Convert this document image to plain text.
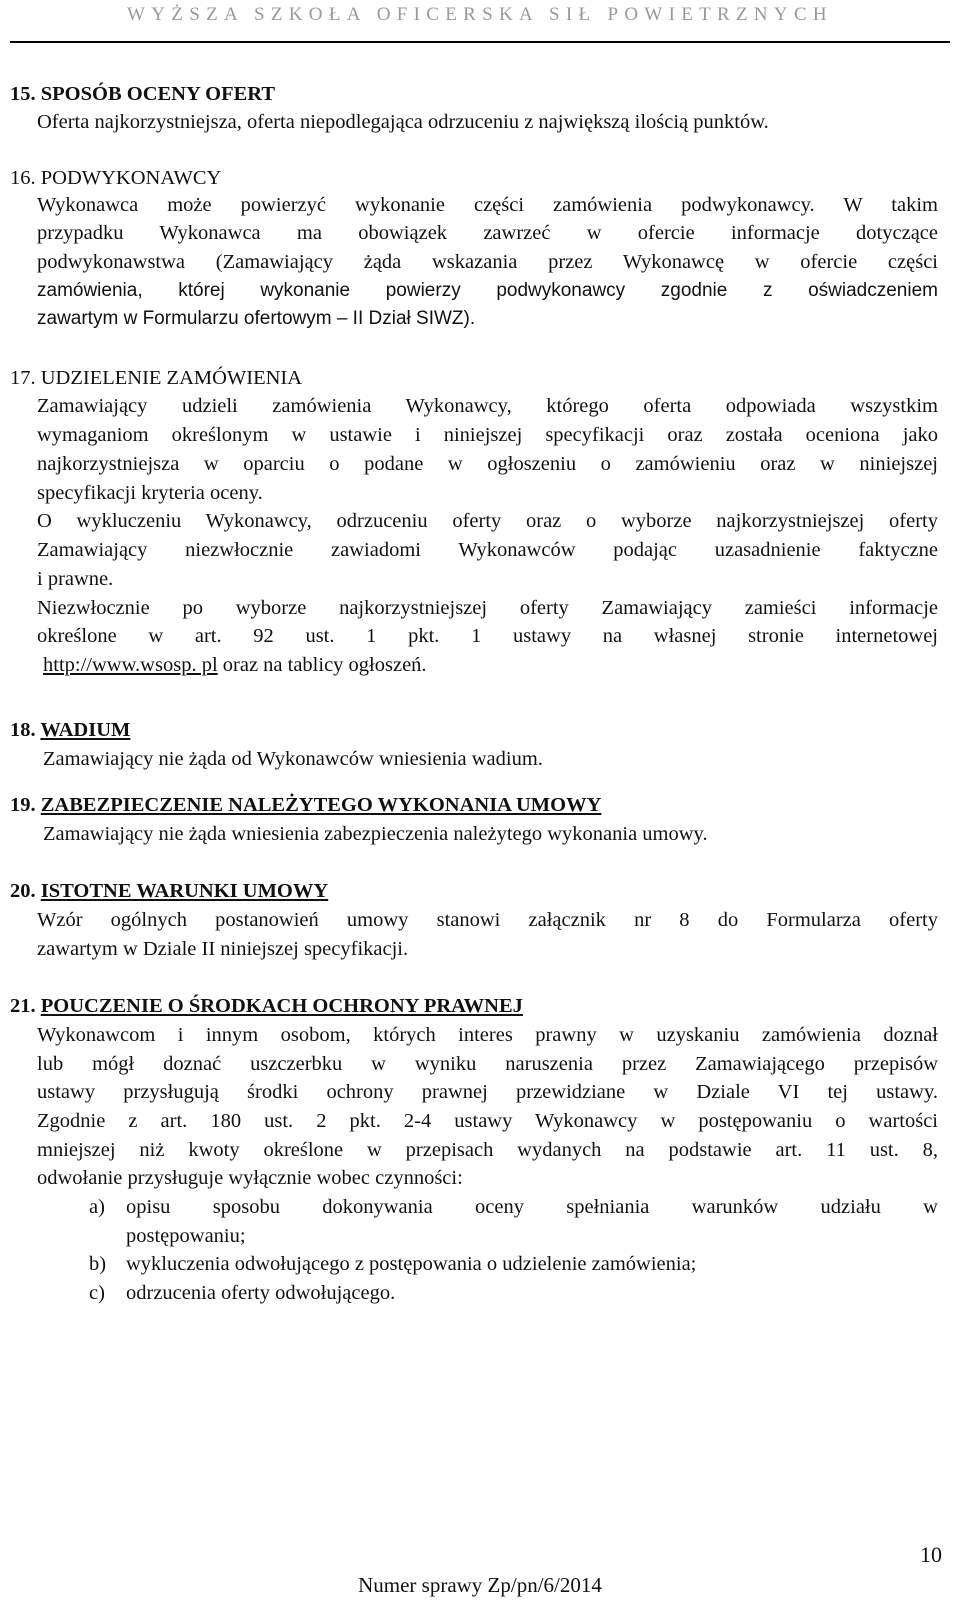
WYŻSZA SZKOŁA OFICERSKA SIŁ POWIETRZNYCH
15. SPOSÓB OCENY OFERT
Oferta najkorzystniejsza, oferta niepodlegająca odrzuceniu z największą ilością punktów.
16. PODWYKONAWCY
Wykonawca może powierzyć wykonanie części zamówienia podwykonawcy. W takim
przypadku Wykonawca ma obowiązek zawrzeć w ofercie informacje dotyczące
podwykonawstwa (Zamawiający żąda wskazania przez Wykonawcę w ofercie części
zamówienia, której wykonanie powierzy podwykonawcy zgodnie z oświadczeniem
zawartym w Formularzu ofertowym – II Dział SIWZ).
17. UDZIELENIE ZAMÓWIENIA
Zamawiający udzieli zamówienia Wykonawcy, którego oferta odpowiada wszystkim
wymaganiom określonym w ustawie i niniejszej specyfikacji oraz została oceniona jako
najkorzystniejsza w oparciu o podane w ogłoszeniu o zamówieniu oraz w niniejszej
specyfikacji kryteria oceny.
O wykluczeniu Wykonawcy, odrzuceniu oferty oraz o wyborze najkorzystniejszej oferty
Zamawiający niezwłocznie zawiadomi Wykonawców podając uzasadnienie faktyczne
i prawne.
Niezwłocznie po wyborze najkorzystniejszej oferty Zamawiający zamieści informacje
określone w art. 92 ust. 1 pkt. 1 ustawy na własnej stronie internetowej
http://www.wsosp. pl oraz na tablicy ogłoszeń.
18. WADIUM
Zamawiający nie żąda od Wykonawców wniesienia wadium.
19. ZABEZPIECZENIE NALEŻYTEGO WYKONANIA UMOWY
Zamawiający nie żąda wniesienia zabezpieczenia należytego wykonania umowy.
20. ISTOTNE WARUNKI UMOWY
Wzór ogólnych postanowień umowy stanowi załącznik nr 8 do Formularza oferty
zawartym w Dziale II niniejszej specyfikacji.
21. POUCZENIE O ŚRODKACH OCHRONY PRAWNEJ
Wykonawcom i innym osobom, których interes prawny w uzyskaniu zamówienia doznał
lub mógł doznać uszczerbku w wyniku naruszenia przez Zamawiającego przepisów
ustawy przysługują środki ochrony prawnej przewidziane w Dziale VI tej ustawy.
Zgodnie z art. 180 ust. 2 pkt. 2-4 ustawy Wykonawcy w postępowaniu o wartości
mniejszej niż kwoty określone w przepisach wydanych na podstawie art. 11 ust. 8,
odwołanie przysługuje wyłącznie wobec czynności:
a) opisu sposobu dokonywania oceny spełniania warunków udziału w
postępowaniu;
b) wykluczenia odwołującego z postępowania o udzielenie zamówienia;
c) odrzucenia oferty odwołującego.
10
Numer sprawy Zp/pn/6/2014
